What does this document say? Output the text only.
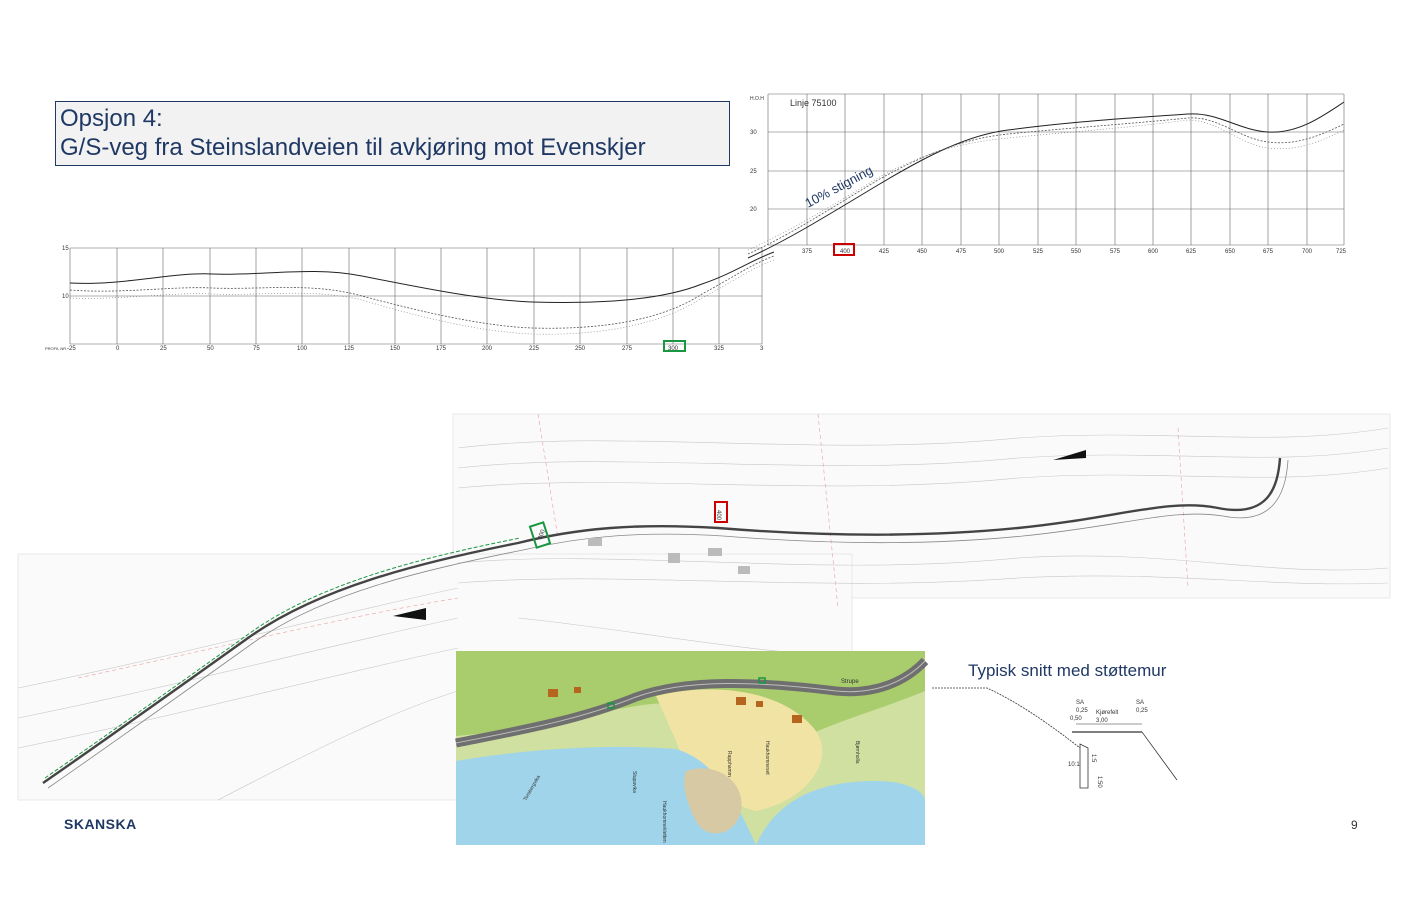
Opsjon 4:
G/S-veg fra Steinslandveien til avkjøring mot Evenskjer
15
10
PROFIL NR. -25	0	25	50	75	100	125	150	175	200	225	250	275	300	325	3
H.O.H	Linje 75100
30
25
20	10% stigning
375	400	425	450	475	500	525	550	575	600	625	650	675	700	725
400
300
Strupe
Rapphamm	Haukhomneset	Bjørnholla
Torsbergvika	Stupavika
Haukhomnekletten
Typisk snitt med støttemur
3,00
0,50
0,25	0,25
1:5
10:1
1:50
SA
Kjørefelt
SA
SKANSKA	9
